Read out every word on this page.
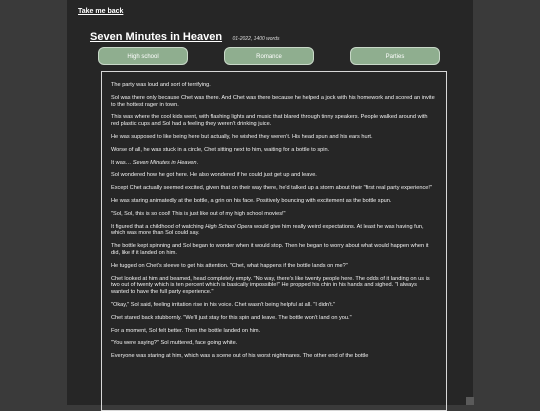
Take me back
Seven Minutes in Heaven 01-2022, 1400 words
High school	Romance	Parties

The party was loud and sort of terrifying.

Sol was there only because Chet was there. And Chet was there because he helped a jock with his homework and scored an invite to the hottest rager in town.

This was where the cool kids went, with flashing lights and music that blared through tinny speakers. People walked around with red plastic cups and Sol had a feeling they weren't drinking juice.

He was supposed to like being here but actually, he wished they weren't. His head spun and his ears hurt.

Worse of all, he was stuck in a circle, Chet sitting next to him, waiting for a bottle to spin.

It was… Seven Minutes in Heaven.

Sol wondered how he got here. He also wondered if he could just get up and leave.

Except Chet actually seemed excited, given that on their way there, he'd talked up a storm about their "first real party experience!"

He was staring animatedly at the bottle, a grin on his face. Positively bouncing with excitement as the bottle spun.

"Sol, Sol, this is so cool! This is just like out of my high school movies!"

It figured that a childhood of watching High School Opera would give him really weird expectations. At least he was having fun, which was more than Sol could say.

The bottle kept spinning and Sol began to wonder when it would stop. Then he began to worry about what would happen when it did, like if it landed on him.

He tugged on Chet's sleeve to get his attention. "Chet, what happens if the bottle lands on me?"

Chet looked at him and beamed, head completely empty. "No way, there's like twenty people here. The odds of it landing on us is two out of twenty which is ten percent which is basically impossible!" He propped his chin in his hands and sighed. "I always wanted to have the full party experience."

"Okay," Sol said, feeling irritation rise in his voice. Chet wasn't being helpful at all. "I didn't."

Chet stared back stubbornly. "We'll just stay for this spin and leave. The bottle won't land on you."

For a moment, Sol felt better. Then the bottle landed on him.

"You were saying?" Sol muttered, face going white.

Everyone was staring at him, which was a scene out of his worst nightmares. The other end of the bottle
